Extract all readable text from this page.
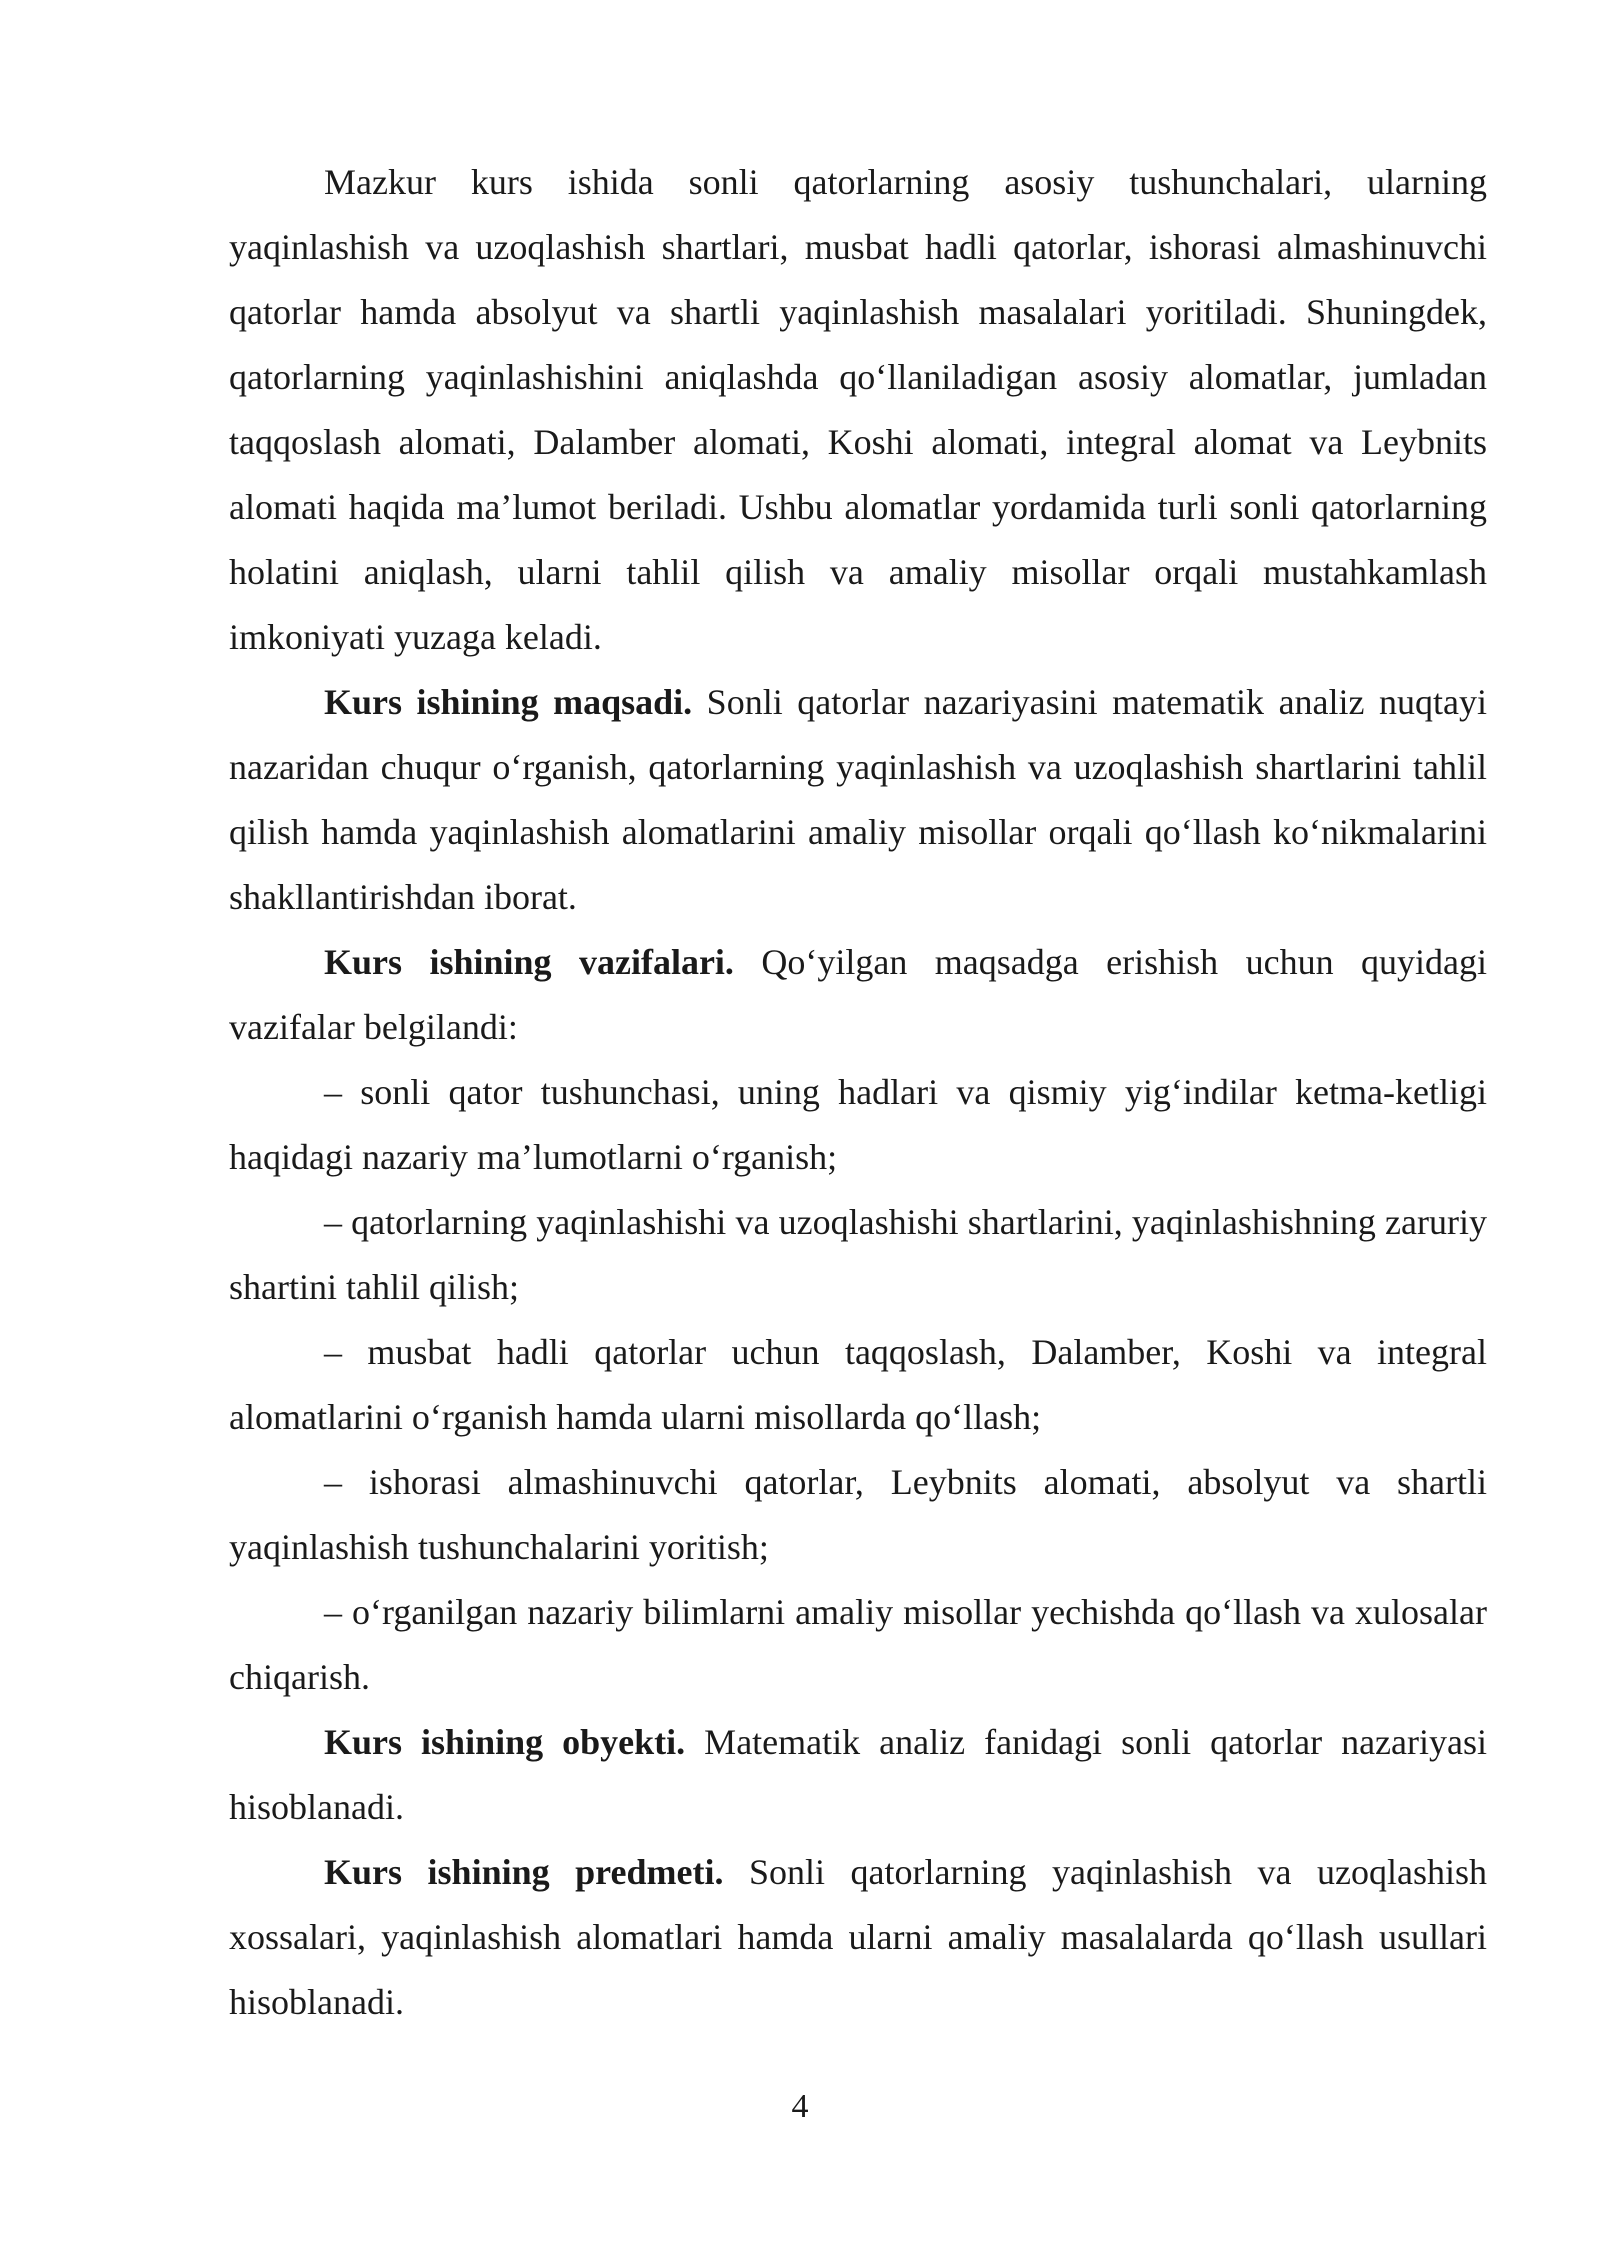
Mazkur kurs ishida sonli qatorlarning asosiy tushunchalari, ularning yaqinlashish va uzoqlashish shartlari, musbat hadli qatorlar, ishorasi almashinuvchi qatorlar hamda absolyut va shartli yaqinlashish masalalari yoritiladi. Shuningdek, qatorlarning yaqinlashishini aniqlashda qo‘llaniladigan asosiy alomatlar, jumladan taqqoslash alomati, Dalamber alomati, Koshi alomati, integral alomat va Leybnits alomati haqida ma’lumot beriladi. Ushbu alomatlar yordamida turli sonli qatorlarning holatini aniqlash, ularni tahlil qilish va amaliy misollar orqali mustahkamlash imkoniyati yuzaga keladi.

Kurs ishining maqsadi. Sonli qatorlar nazariyasini matematik analiz nuqtayi nazaridan chuqur o‘rganish, qatorlarning yaqinlashish va uzoqlashish shartlarini tahlil qilish hamda yaqinlashish alomatlarini amaliy misollar orqali qo‘llash ko‘nikmalarini shakllantirishdan iborat.

Kurs ishining vazifalari. Qo‘yilgan maqsadga erishish uchun quyidagi vazifalar belgilandi:

– sonli qator tushunchasi, uning hadlari va qismiy yig‘indilar ketma-ketligi haqidagi nazariy ma’lumotlarni o‘rganish;
– qatorlarning yaqinlashishi va uzoqlashishi shartlarini, yaqinlashishning zaruriy shartini tahlil qilish;
– musbat hadli qatorlar uchun taqqoslash, Dalamber, Koshi va integral alomatlarini o‘rganish hamda ularni misollarda qo‘llash;
– ishorasi almashinuvchi qatorlar, Leybnits alomati, absolyut va shartli yaqinlashish tushunchalarini yoritish;
– o‘rganilgan nazariy bilimlarni amaliy misollar yechishda qo‘llash va xulosalar chiqarish.

Kurs ishining obyekti. Matematik analiz fanidagi sonli qatorlar nazariyasi hisoblanadi.

Kurs ishining predmeti. Sonli qatorlarning yaqinlashish va uzoqlashish xossalari, yaqinlashish alomatlari hamda ularni amaliy masalalarda qo‘llash usullari hisoblanadi.

4
